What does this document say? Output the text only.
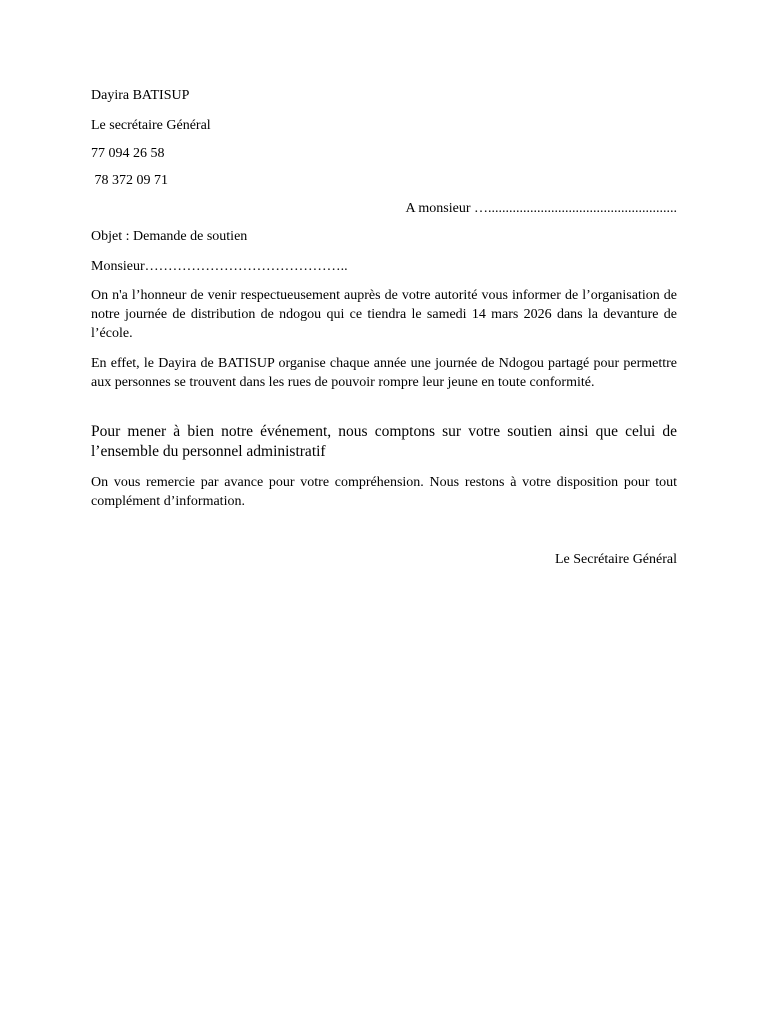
Dayira BATISUP
Le secrétaire Général
77 094 26 58
78 372 09 71
A monsieur …......................................................
Objet : Demande de soutien
Monsieur……………………………………..

On n'a l’honneur de venir respectueusement auprès de votre autorité vous informer de l’organisation de notre journée de distribution de ndogou qui ce tiendra le samedi 14 mars 2026 dans la devanture de l’école.

En effet, le Dayira de BATISUP organise chaque année une journée de Ndogou partagé pour permettre aux personnes se trouvent dans les rues de pouvoir rompre leur jeune en toute conformité.

Pour mener à bien notre événement, nous comptons sur votre soutien ainsi que celui de l’ensemble du personnel administratif

On vous remercie par avance pour votre compréhension. Nous restons à votre disposition pour tout complément d’information.

Le Secrétaire Général
